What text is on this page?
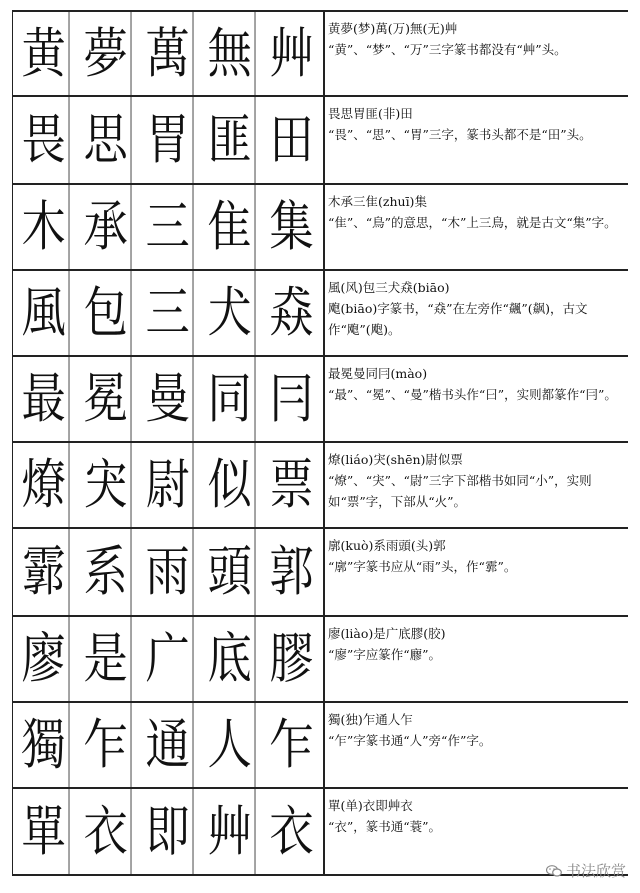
黄 夢 萬 無 艸 黄夢(梦)萬(万)無(无)艸
“黄”、“梦”、“万”三字篆书都没有“艸”头。
畏 思 胃 匪 田 畏思胃匪(非)田
“畏”、“思”、“胃”三字，篆书头都不是“田”头。
木 承 三 隹 集 木承三隹(zhuī)集
“隹”、“鳥”的意思，“木”上三鳥，就是古文“集”字。
風 包 三 犬 猋 風(风)包三犬猋(biāo)
飑(biāo)字篆书，“猋”在左旁作“飆”(飙)，古文作“飑”(飑)。
最 冕 曼 同 冃 最冕曼同冃(mào)
“最”、“冕”、“曼”楷书头作“曰”，实则都篆作“冃”。
燎 宊 尉 似 票 燎(liáo)宊(shēn)尉似票
“燎”、“宊”、“尉”三字下部楷书如同“小”，实则如“票”字，下部从“火”。
霩 系 雨 頭 郭 廓(kuò)系雨頭(头)郭
“廓”字篆书应从“雨”头，作“霩”。
廖 是 广 底 膠 廖(liào)是广底膠(胶)
“廖”字应篆作“廫”。
獨 乍 通 人 乍 獨(独)乍通人乍
“乍”字篆书通“人”旁“作”字。
單 衣 即 艸 衣 單(单)衣即艸衣
“衣”，篆书通“蓑”。
书法欣赏
